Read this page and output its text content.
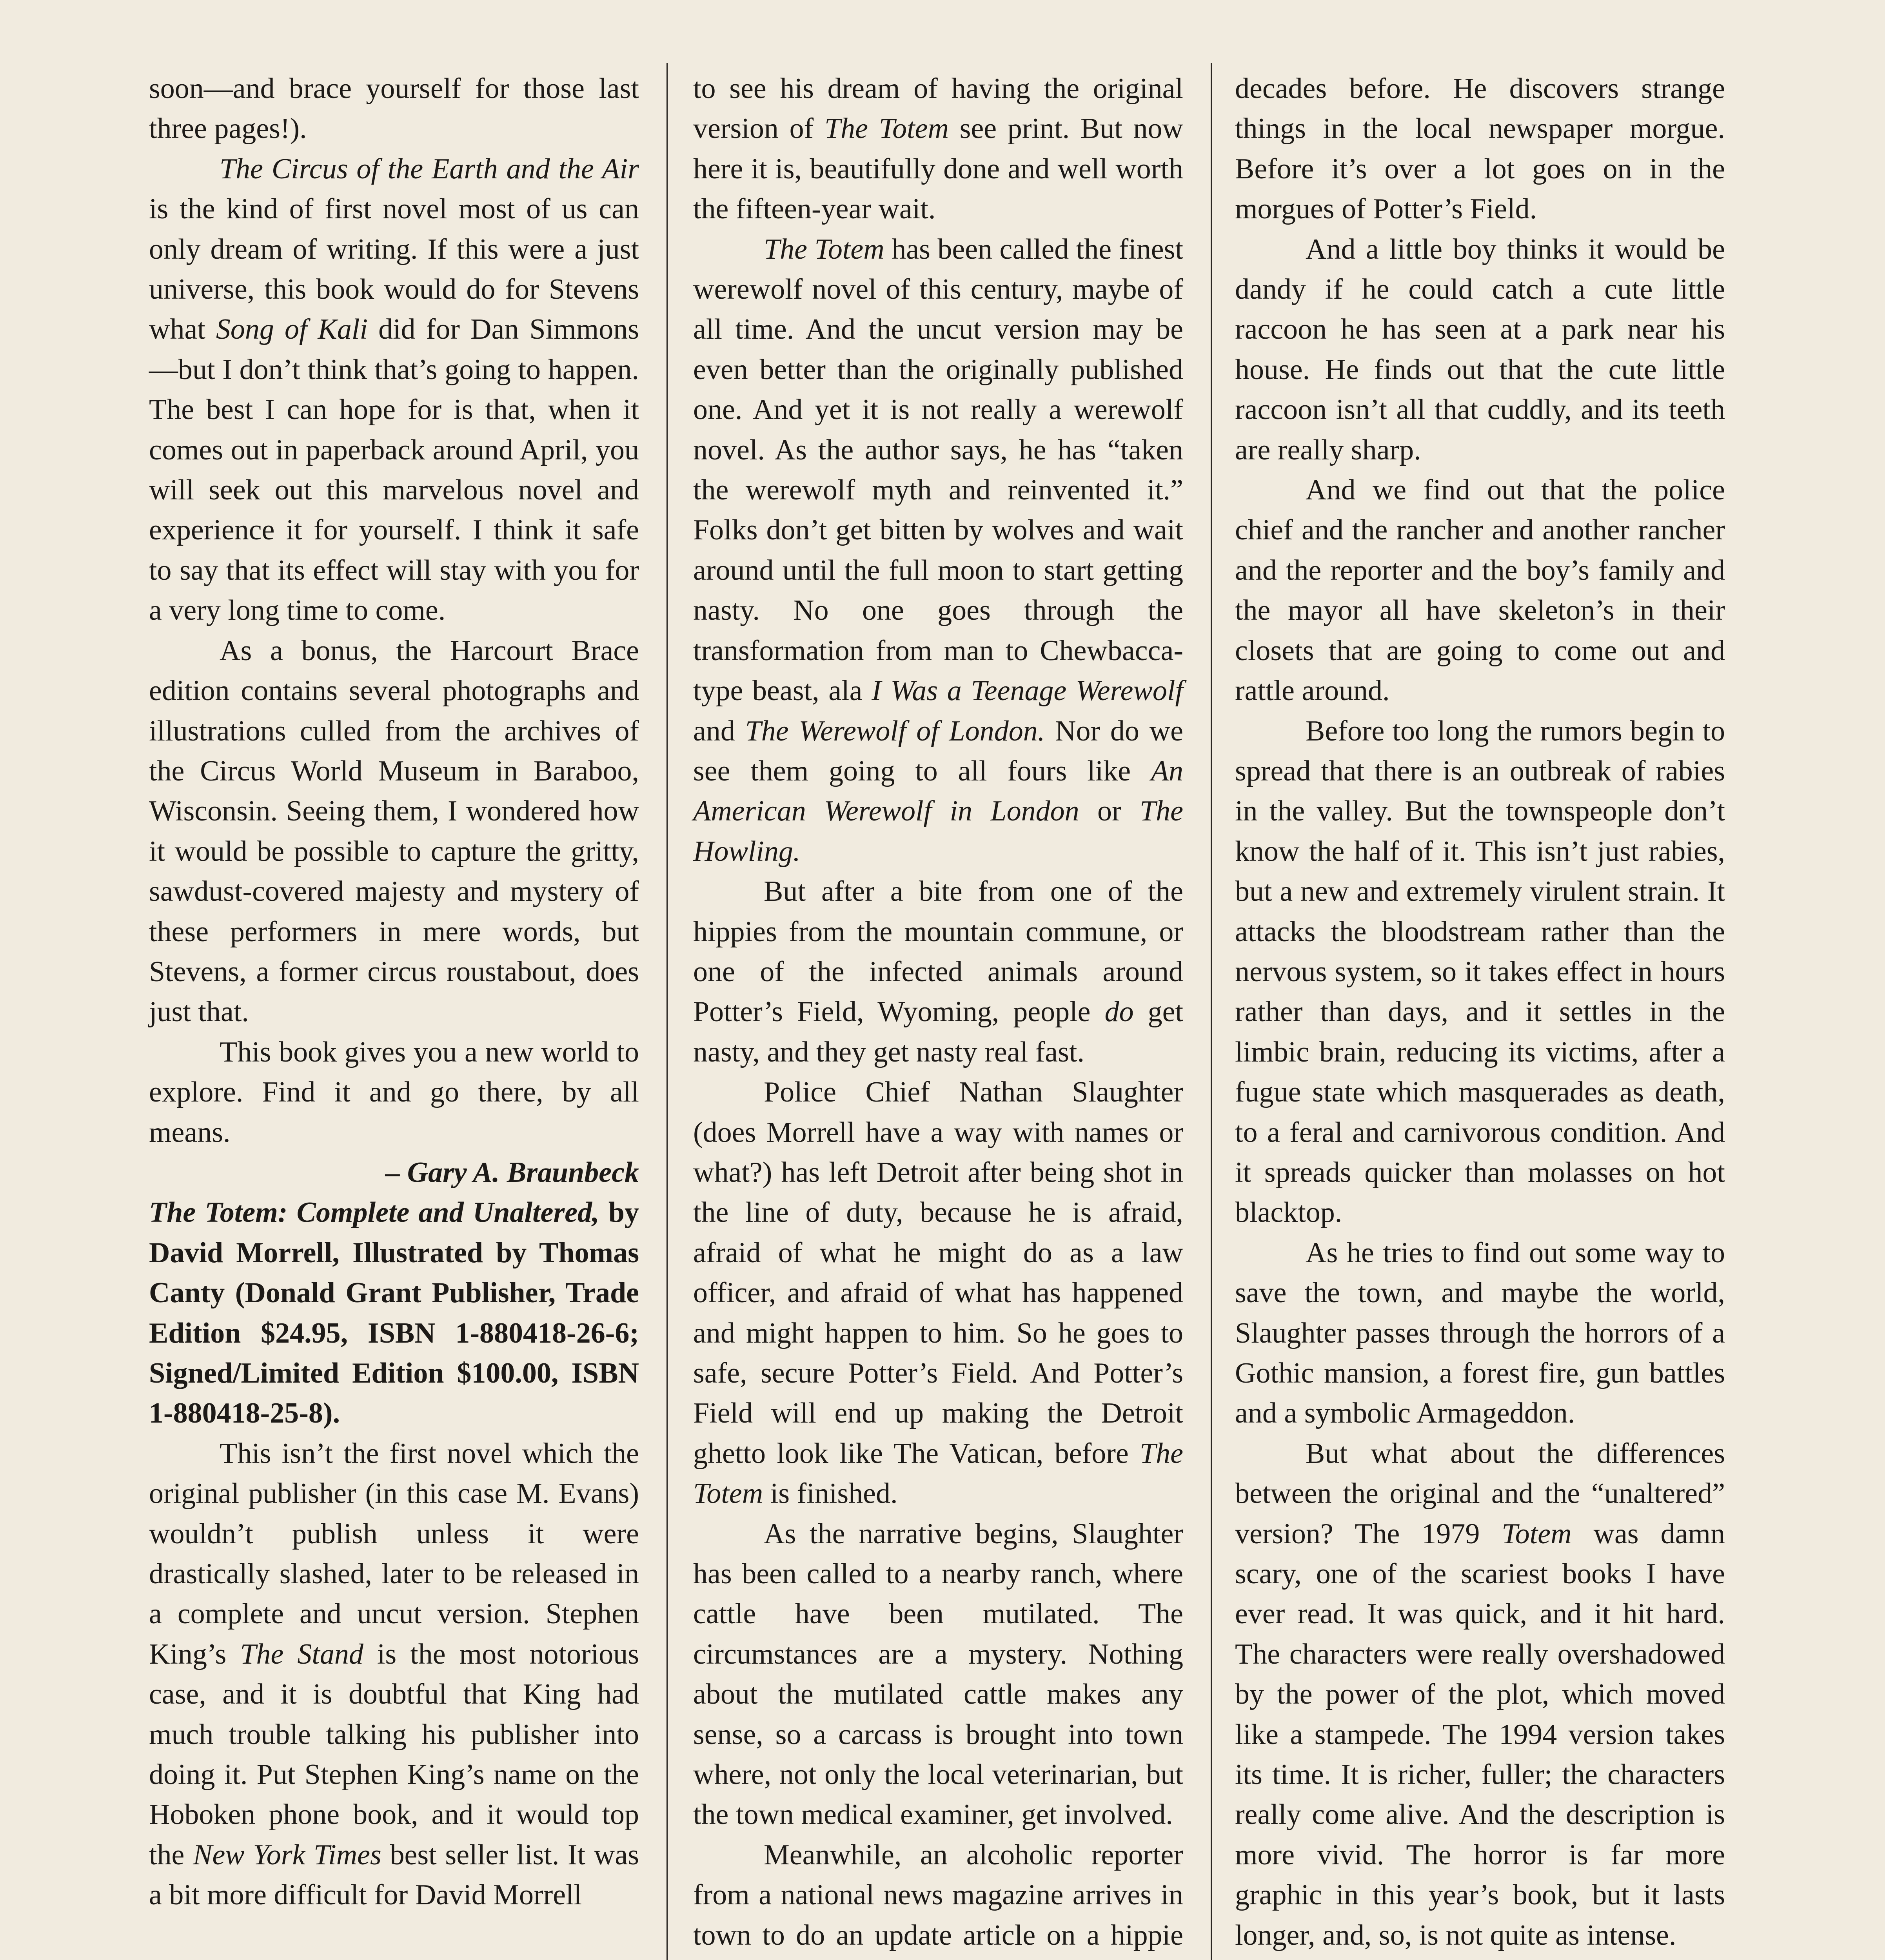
soon—and brace yourself for those last three pages!).

The Circus of the Earth and the Air is the kind of first novel most of us can only dream of writing. If this were a just universe, this book would do for Stevens what Song of Kali did for Dan Simmons—but I don’t think that’s going to happen. The best I can hope for is that, when it comes out in paperback around April, you will seek out this marvelous novel and experience it for yourself. I think it safe to say that its effect will stay with you for a very long time to come.

As a bonus, the Harcourt Brace edition contains several photographs and illustrations culled from the archives of the Circus World Museum in Baraboo, Wisconsin. Seeing them, I wondered how it would be possible to capture the gritty, sawdust-covered majesty and mystery of these performers in mere words, but Stevens, a former circus roustabout, does just that.

This book gives you a new world to explore. Find it and go there, by all means.

– Gary A. Braunbeck

The Totem: Complete and Unaltered, by David Morrell, Illustrated by Thomas Canty (Donald Grant Publisher, Trade Edition $24.95, ISBN 1-880418-26-6; Signed/Limited Edition $100.00, ISBN 1-880418-25-8).

This isn’t the first novel which the original publisher (in this case M. Evans) wouldn’t publish unless it were drastically slashed, later to be released in a complete and uncut version. Stephen King’s The Stand is the most notorious case, and it is doubtful that King had much trouble talking his publisher into doing it. Put Stephen King’s name on the Hoboken phone book, and it would top the New York Times best seller list. It was a bit more difficult for David Morrell

to see his dream of having the original version of The Totem see print. But now here it is, beautifully done and well worth the fifteen-year wait.

The Totem has been called the finest werewolf novel of this century, maybe of all time. And the uncut version may be even better than the originally published one. And yet it is not really a werewolf novel. As the author says, he has “taken the werewolf myth and reinvented it.” Folks don’t get bitten by wolves and wait around until the full moon to start getting nasty. No one goes through the transformation from man to Chewbacca-type beast, ala I Was a Teenage Werewolf and The Werewolf of London. Nor do we see them going to all fours like An American Werewolf in London or The Howling.

But after a bite from one of the hippies from the mountain commune, or one of the infected animals around Potter’s Field, Wyoming, people do get nasty, and they get nasty real fast.

Police Chief Nathan Slaughter (does Morrell have a way with names or what?) has left Detroit after being shot in the line of duty, because he is afraid, afraid of what he might do as a law officer, and afraid of what has happened and might happen to him. So he goes to safe, secure Potter’s Field. And Potter’s Field will end up making the Detroit ghetto look like The Vatican, before The Totem is finished.

As the narrative begins, Slaughter has been called to a nearby ranch, where cattle have been mutilated. The circumstances are a mystery. Nothing about the mutilated cattle makes any sense, so a carcass is brought into town where, not only the local veterinarian, but the town medical examiner, get involved.

Meanwhile, an alcoholic reporter from a national news magazine arrives in town to do an update article on a hippie

decades before. He discovers strange things in the local newspaper morgue. Before it’s over a lot goes on in the morgues of Potter’s Field.

And a little boy thinks it would be dandy if he could catch a cute little raccoon he has seen at a park near his house. He finds out that the cute little raccoon isn’t all that cuddly, and its teeth are really sharp.

And we find out that the police chief and the rancher and another rancher and the reporter and the boy’s family and the mayor all have skeleton’s in their closets that are going to come out and rattle around.

Before too long the rumors begin to spread that there is an outbreak of rabies in the valley. But the townspeople don’t know the half of it. This isn’t just rabies, but a new and extremely virulent strain. It attacks the bloodstream rather than the nervous system, so it takes effect in hours rather than days, and it settles in the limbic brain, reducing its victims, after a fugue state which masquerades as death, to a feral and carnivorous condition. And it spreads quicker than molasses on hot blacktop.

As he tries to find out some way to save the town, and maybe the world, Slaughter passes through the horrors of a Gothic mansion, a forest fire, gun battles and a symbolic Armageddon.

But what about the differences between the original and the “unaltered” version? The 1979 Totem was damn scary, one of the scariest books I have ever read. It was quick, and it hit hard. The characters were really overshadowed by the power of the plot, which moved like a stampede. The 1994 version takes its time. It is richer, fuller; the characters really come alive. And the description is more vivid. The horror is far more graphic in this year’s book, but it lasts longer, and, so, is not quite as intense.
